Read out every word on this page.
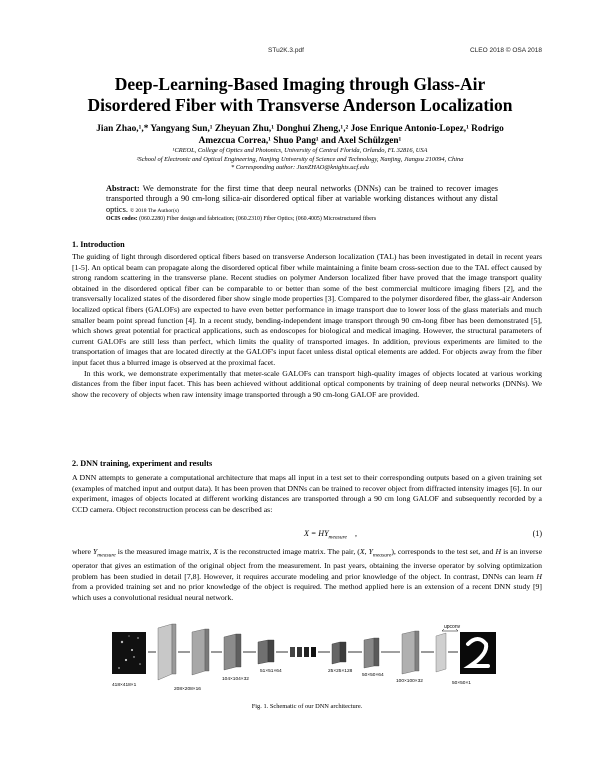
STu2K.3.pdf	CLEO 2018 © OSA 2018
Deep-Learning-Based Imaging through Glass-Air
Disordered Fiber with Transverse Anderson Localization
Jian Zhao,¹,* Yangyang Sun,¹ Zheyuan Zhu,¹ Donghui Zheng,¹,² Jose Enrique Antonio-Lopez,¹ Rodrigo
Amezcua Correa,¹ Shuo Pang¹ and Axel Schülzgen¹
¹CREOL, College of Optics and Photonics, University of Central Florida, Orlando, FL 32816, USA
²School of Electronic and Optical Engineering, Nanjing University of Science and Technology, Nanjing, Jiangsu 210094, China
* Corresponding author: JianZHAO@knights.ucf.edu
Abstract: We demonstrate for the first time that deep neural networks (DNNs) can be trained to recover images transported through a 90 cm-long silica-air disordered optical fiber at variable working distances without any distal optics. © 2018 The Author(s)
OCIS codes: (060.2280) Fiber design and fabrication; (060.2310) Fiber Optics; (060.4005) Microstructured fibers
1. Introduction

The guiding of light through disordered optical fibers based on transverse Anderson localization (TAL) has been investigated in detail in recent years [1-5]. An optical beam can propagate along the disordered optical fiber while maintaining a finite beam cross-section due to the TAL effect caused by strong random scattering in the transverse plane. Recent studies on polymer Anderson localized fiber have proved that the image transport quality obtained in the disordered optical fiber can be comparable to or better than some of the best commercial multicore imaging fibers [2], and the transversally localized states of the disordered fiber show single mode properties [3]. Compared to the polymer disordered fiber, the glass-air Anderson localized optical fibers (GALOFs) are expected to have even better performance in image transport due to lower loss of the glass materials and much smaller beam point spread function [4]. In a recent study, bending-independent image transport through 90 cm-long fiber has been demonstrated [5], which shows great potential for practical applications, such as endoscopes for biological and medical imaging. However, the structural parameters of current GALOFs are still less than perfect, which limits the quality of transported images. In addition, previous experiments are limited to the transportation of images that are located directly at the GALOF's input facet unless distal optical elements are added. For objects away from the fiber input facet thus a blurred image is observed at the proximal facet.

In this work, we demonstrate experimentally that meter-scale GALOFs can transport high-quality images of objects located at various working distances from the fiber input facet. This has been achieved without additional optical components by training of deep neural networks (DNNs). We show the recovery of objects when raw intensity image transported through a 90 cm-long GALOF are provided.

2. DNN training, experiment and results
A DNN attempts to generate a computational architecture that maps all input in a test set to their corresponding outputs based on a given training set (examples of matched input and output data). It has been proven that DNNs can be trained to recover object from diffracted intensity images [6]. In our experiment, images of objects located at different working distances are transported through a 90 cm long GALOF and subsequently recorded by a CCD camera. Object reconstruction process can be described as:
$X = HY_{measure}$ ,	(1)
where $Y_{measure}$ is the measured image matrix, X is the reconstructed image matrix. The pair, (X, $Y_{measure}$), corresponds to the test set, and H is an inverse operator that gives an estimation of the original object from the measurement. In past years, obtaining the inverse operator by solving optimization problem has been studied in detail [7,8]. However, it requires accurate modeling and prior knowledge of the object. In contrast, DNNs can learn H from a provided training set and no prior knowledge of the object is required. The method applied here is an extension of a recent DNN study [9] which uses a convolutional residual neural network.
upconv
418×418×1
208×208×16
104×104×32
51×51×64	25×25×128
50×50×64
100×100×32	50×50×1
Fig. 1. Schematic of our DNN architecture.
